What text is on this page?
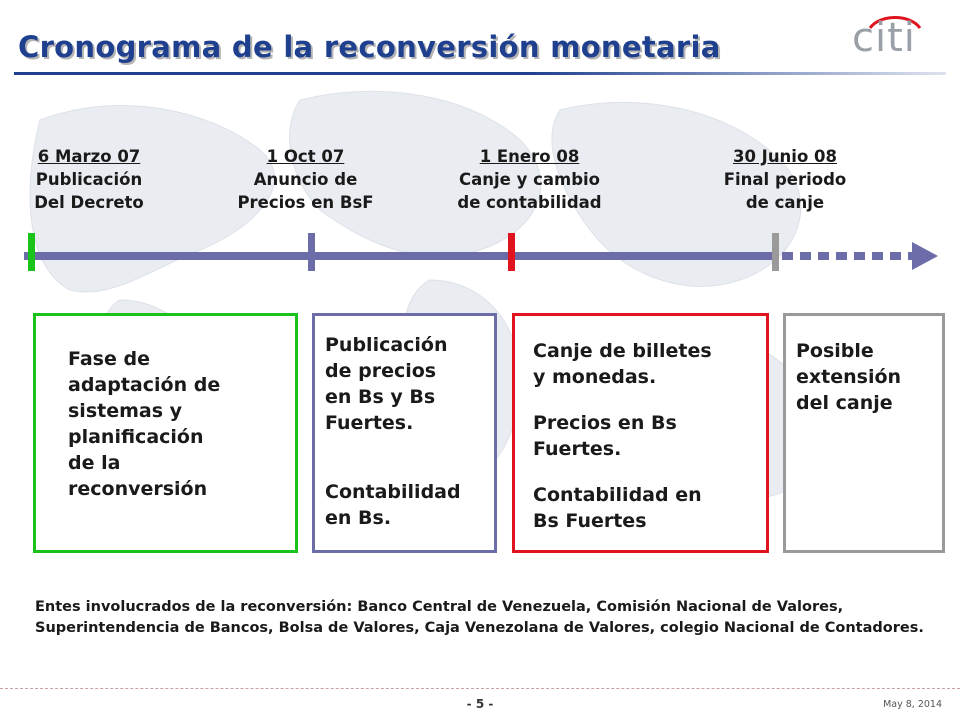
Cronograma de la reconversión monetaria	citi
6 Marzo 07
Publicación
Del Decreto
1 Oct 07
Anuncio de
Precios en BsF
1 Enero 08
Canje y cambio
de contabilidad
30 Junio 08
Final periodo
de canje

Fase de
adaptación de
sistemas y
planificación
de la
reconversión

Publicación
de precios
en Bs y Bs
Fuertes.

Contabilidad
en Bs.

Canje de billetes
y monedas.

Precios en Bs
Fuertes.

Contabilidad en
Bs Fuertes

Posible
extensión
del canje

Entes involucrados de la reconversión: Banco Central de Venezuela, Comisión Nacional de Valores, Superintendencia de Bancos, Bolsa de Valores, Caja Venezolana de Valores, colegio Nacional de Contadores.

- 5 -	May 8, 2014
